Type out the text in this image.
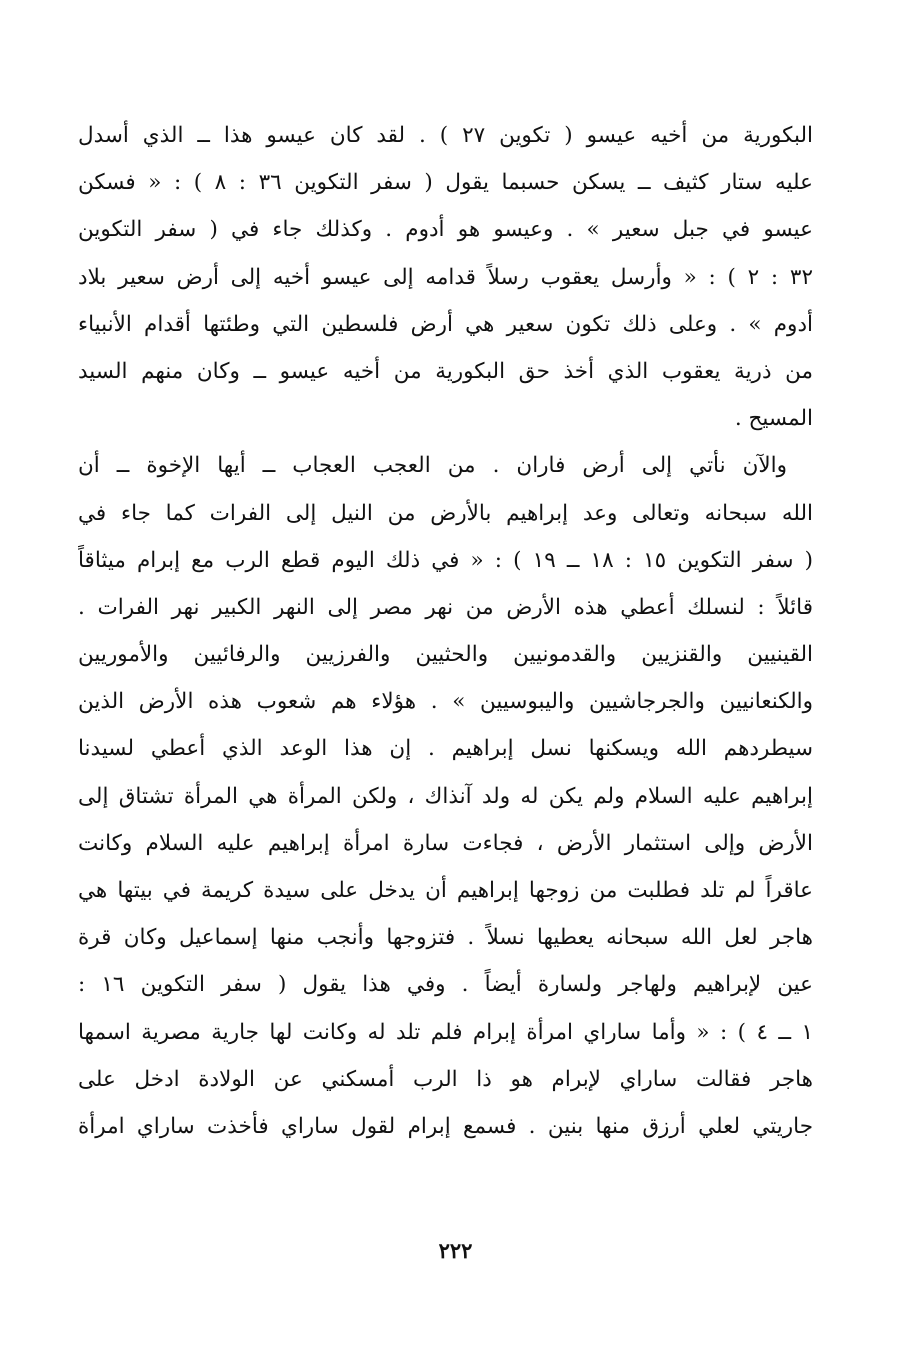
البكورية من أخيه عيسو ( تكوين ٢٧ ) . لقد كان عيسو هذا ــ الذي أسدل
عليه ستار كثيف ــ يسكن حسبما يقول ( سفر التكوين ٣٦ : ٨ ) : « فسكن
عيسو في جبل سعير » . وعيسو هو أدوم . وكذلك جاء في ( سفر التكوين
٣٢ : ٢ ) : « وأرسل يعقوب رسلاً قدامه إلى عيسو أخيه إلى أرض سعير بلاد
أدوم » . وعلى ذلك تكون سعير هي أرض فلسطين التي وطئتها أقدام الأنبياء
من ذرية يعقوب الذي أخذ حق البكورية من أخيه عيسو ــ وكان منهم السيد
المسيح .
والآن نأتي إلى أرض فاران . من العجب العجاب ــ أيها الإخوة ــ أن
الله سبحانه وتعالى وعد إبراهيم بالأرض من النيل إلى الفرات كما جاء في
( سفر التكوين ١٥ : ١٨ ــ ١٩ ) : « في ذلك اليوم قطع الرب مع إبرام ميثاقاً
قائلاً : لنسلك أعطي هذه الأرض من نهر مصر إلى النهر الكبير نهر الفرات .
القينيين والقنزيين والقدمونيين والحثيين والفرزيين والرفائيين والأموريين
والكنعانيين والجرجاشيين واليبوسيين » . هؤلاء هم شعوب هذه الأرض الذين
سيطردهم الله ويسكنها نسل إبراهيم . إن هذا الوعد الذي أعطي لسيدنا
إبراهيم عليه السلام ولم يكن له ولد آنذاك ، ولكن المرأة هي المرأة تشتاق إلى
الأرض وإلى استثمار الأرض ، فجاءت سارة امرأة إبراهيم عليه السلام وكانت
عاقراً لم تلد فطلبت من زوجها إبراهيم أن يدخل على سيدة كريمة في بيتها هي
هاجر لعل الله سبحانه يعطيها نسلاً . فتزوجها وأنجب منها إسماعيل وكان قرة
عين لإبراهيم ولهاجر ولسارة أيضاً . وفي هذا يقول ( سفر التكوين ١٦ :
١ ــ ٤ ) : « وأما ساراي امرأة إبرام فلم تلد له وكانت لها جارية مصرية اسمها
هاجر فقالت ساراي لإبرام هو ذا الرب أمسكني عن الولادة ادخل على
جاريتي لعلي أرزق منها بنين . فسمع إبرام لقول ساراي فأخذت ساراي امرأة
٢٢٢
